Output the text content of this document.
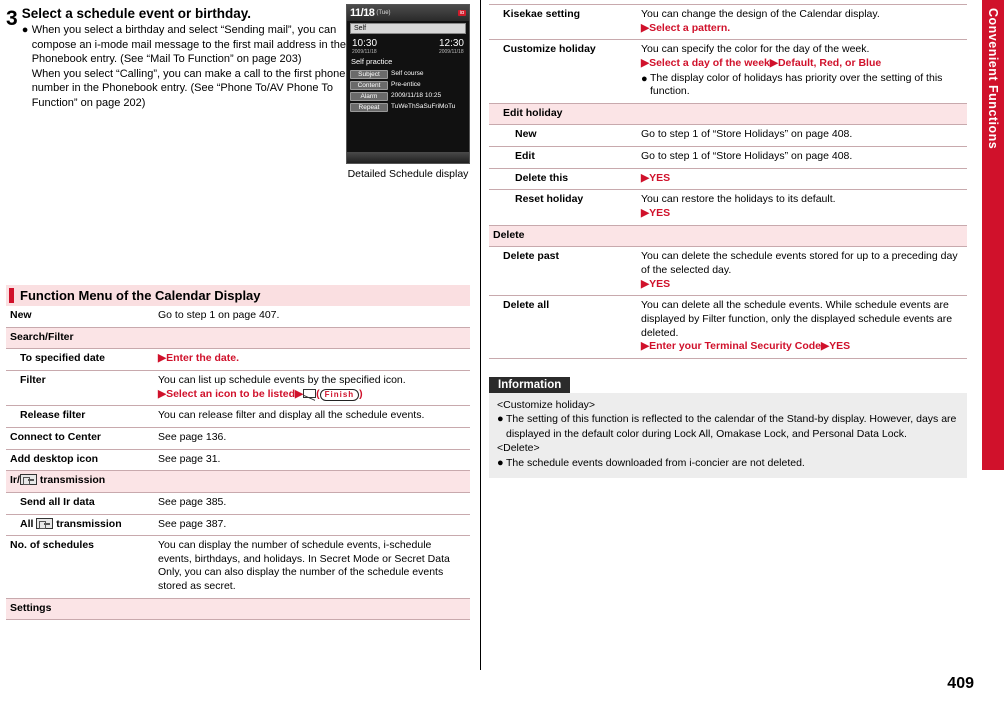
3 Select a schedule event or birthday.
● When you select a birthday and select “Sending mail”, you can compose an i-mode mail message to the first mail address in the Phonebook entry. (See “Mail To Function” on page 203)
When you select “Calling”, you can make a call to the first phone number in the Phonebook entry. (See “Phone To/AV Phone To Function” on page 202)
11/18 (Tue)	iα
Self
10:30
2009/11/18
12:30
2009/11/18
Self practice
Subject	Self course
Content	Pre-entice
Alarm	2009/11/18 10:25
Repeat	TuWeThSaSuFriMoTu
Detailed Schedule display
Function Menu of the Calendar Display
New	Go to step 1 on page 407.
Search/Filter	
To specified date	▶Enter the date.
Filter	You can list up schedule events by the specified icon.
▶Select an icon to be listed▶ ( Finish )
Release filter	You can release filter and display all the schedule events.
Connect to Center	See page 136.
Add desktop icon	See page 31.
Ir/ transmission	
Send all Ir data	See page 385.
All  transmission	See page 387.
No. of schedules	You can display the number of schedule events, i-schedule events, birthdays, and holidays. In Secret Mode or Secret Data Only, you can also display the number of the schedule events stored as secret.
Settings	
Kisekae setting	You can change the design of the Calendar display.
▶Select a pattern.
Customize holiday	You can specify the color for the day of the week.
▶Select a day of the week▶Default, Red, or Blue
● The display color of holidays has priority over the setting of this function.

Edit holiday	
New	Go to step 1 of “Store Holidays” on page 408.
Edit	Go to step 1 of “Store Holidays” on page 408.
Delete this	▶YES
Reset holiday	You can restore the holidays to its default.
▶YES
Delete	
Delete past	You can delete the schedule events stored for up to a preceding day of the selected day.
▶YES
Delete all	You can delete all the schedule events. While schedule events are displayed by Filter function, only the displayed schedule events are deleted.
▶Enter your Terminal Security Code▶YES
Information
<Customize holiday>
● The setting of this function is reflected to the calendar of the Stand-by display. However, days are displayed in the default color during Lock All, Omakase Lock, and Personal Data Lock.
<Delete>
● The schedule events downloaded from i-concier are not deleted.
Convenient Functions
409
